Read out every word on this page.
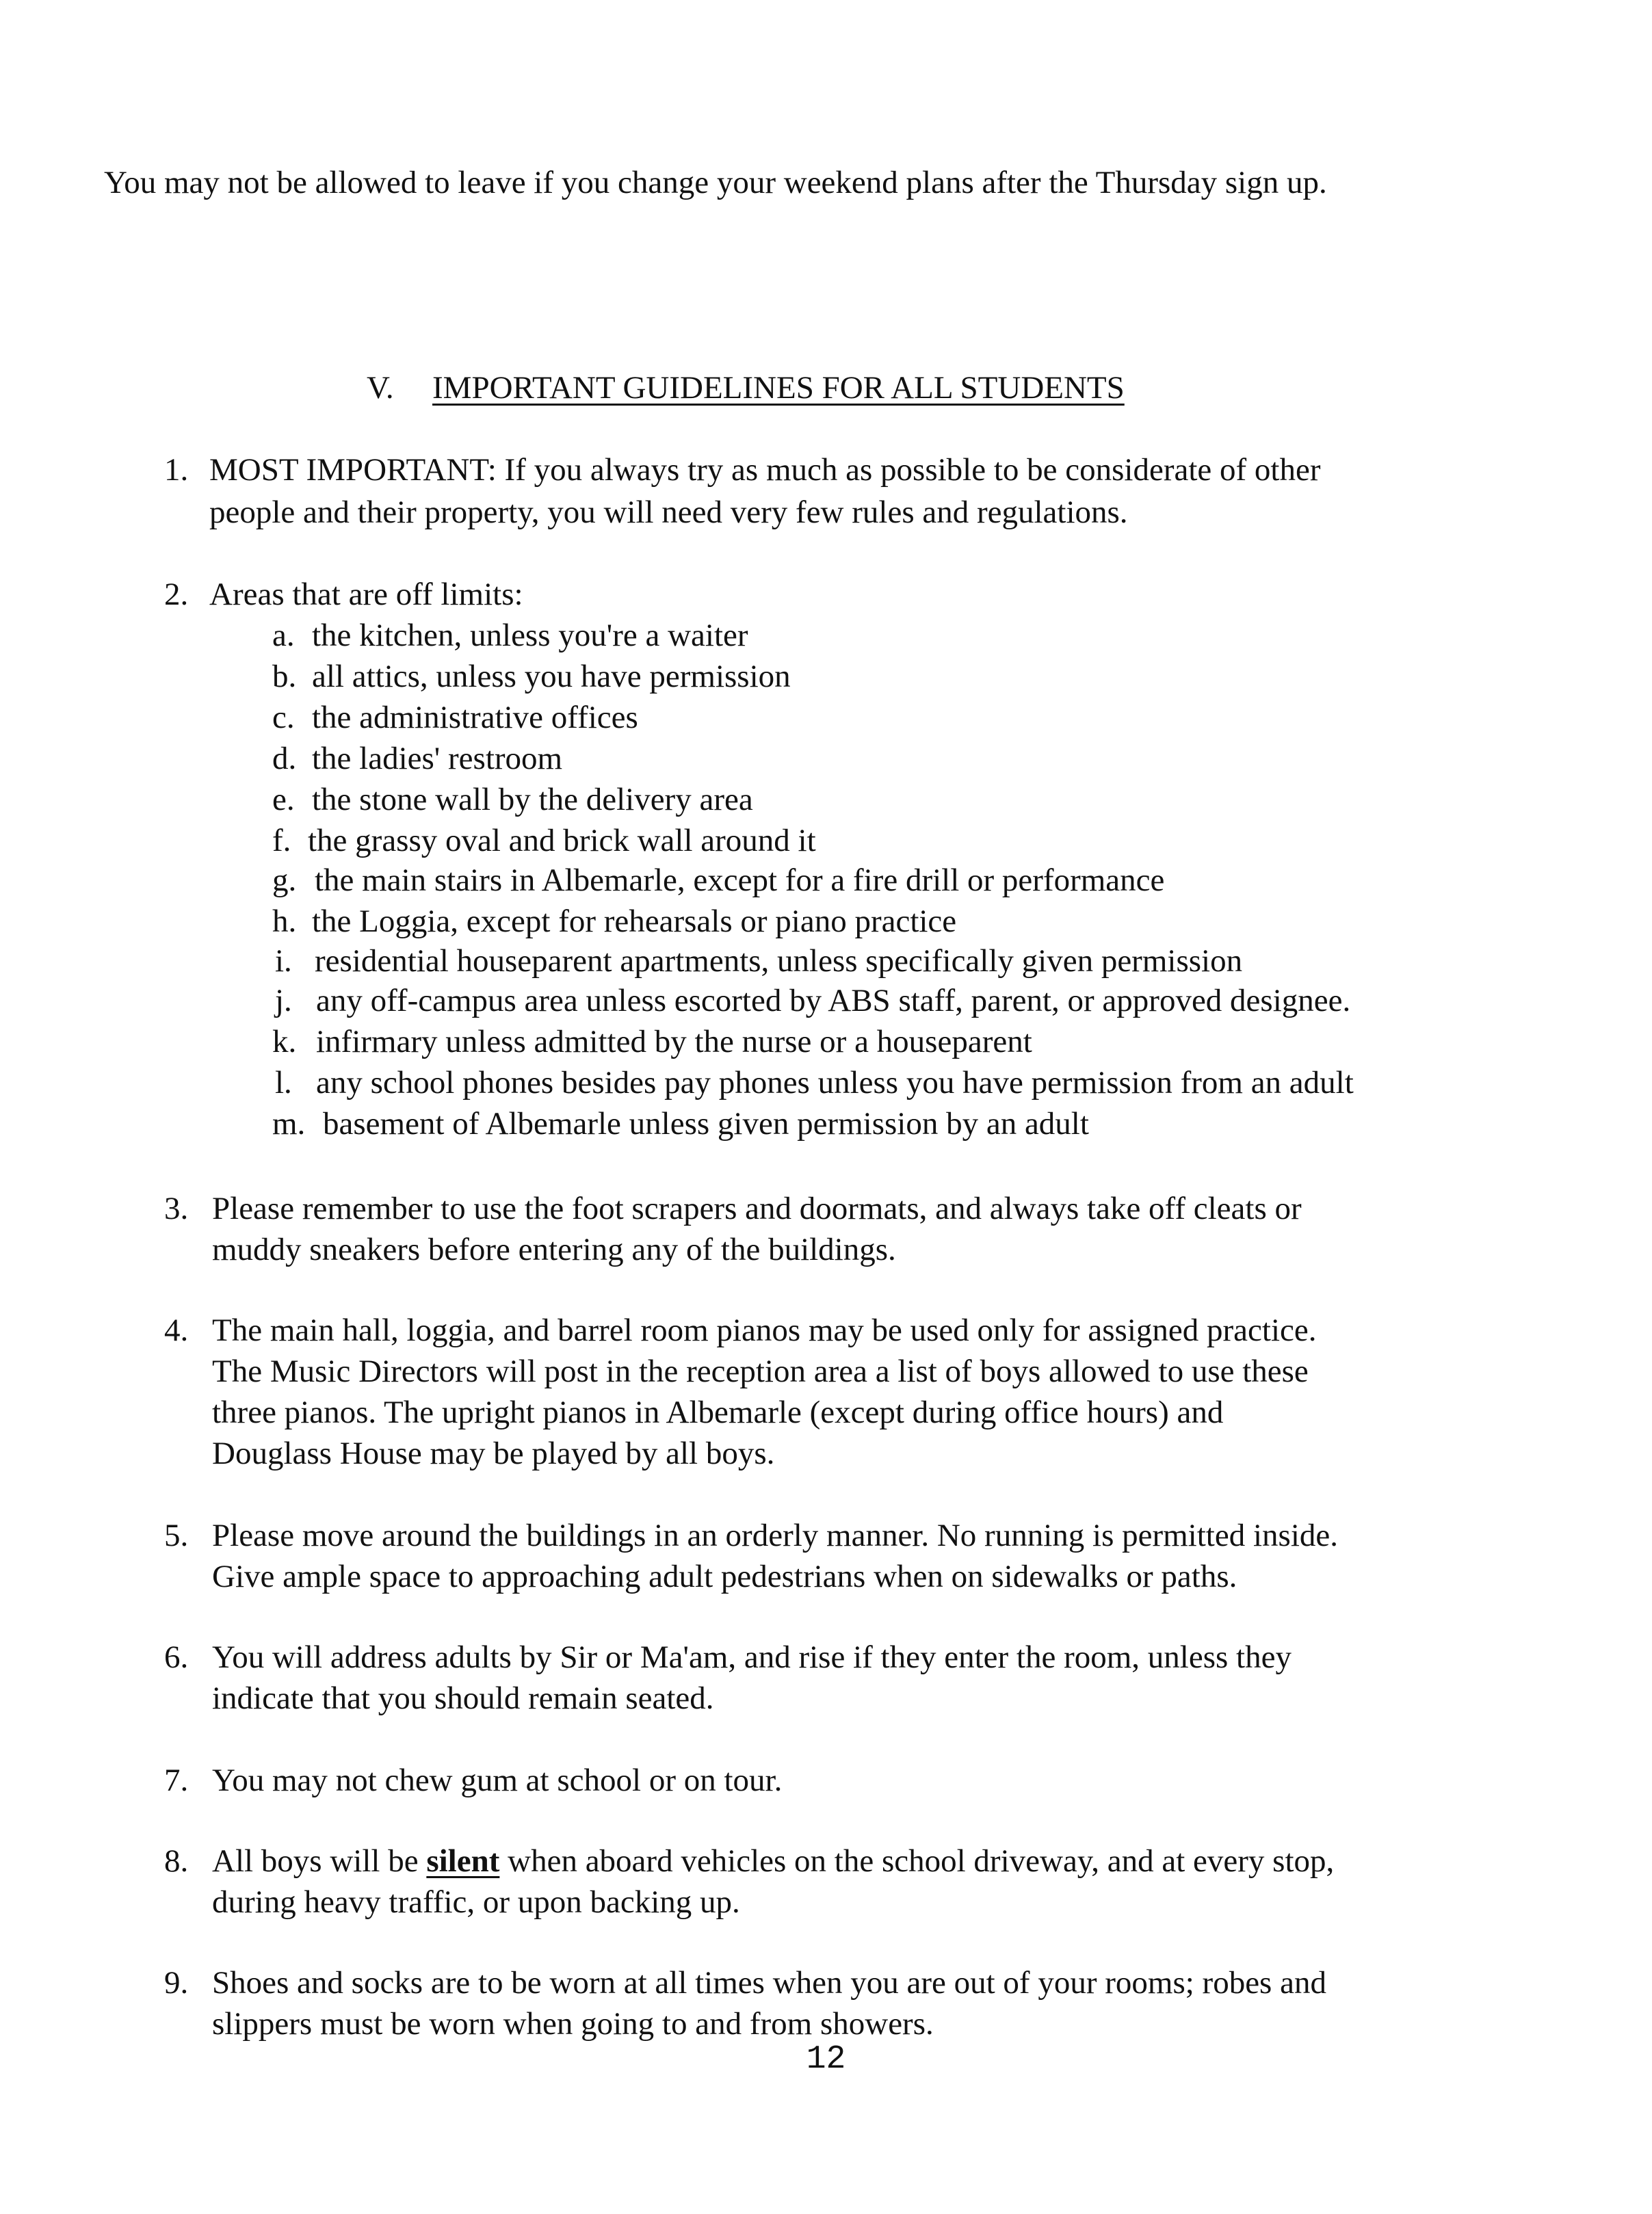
You may not be allowed to leave if you change your weekend plans after the Thursday sign up.
V. IMPORTANT GUIDELINES FOR ALL STUDENTS
1. MOST IMPORTANT: If you always try as much as possible to be considerate of other
people and their property, you will need very few rules and regulations.
2. Areas that are off limits:
a. the kitchen, unless you're a waiter
b. all attics, unless you have permission
c. the administrative offices
d. the ladies' restroom
e. the stone wall by the delivery area
f. the grassy oval and brick wall around it
g. the main stairs in Albemarle, except for a fire drill or performance
h. the Loggia, except for rehearsals or piano practice
i. residential houseparent apartments, unless specifically given permission
j. any off-campus area unless escorted by ABS staff, parent, or approved designee.
k. infirmary unless admitted by the nurse or a houseparent
l. any school phones besides pay phones unless you have permission from an adult
m. basement of Albemarle unless given permission by an adult
3. Please remember to use the foot scrapers and doormats, and always take off cleats or
muddy sneakers before entering any of the buildings.
4. The main hall, loggia, and barrel room pianos may be used only for assigned practice.
The Music Directors will post in the reception area a list of boys allowed to use these
three pianos. The upright pianos in Albemarle (except during office hours) and
Douglass House may be played by all boys.
5. Please move around the buildings in an orderly manner. No running is permitted inside.
Give ample space to approaching adult pedestrians when on sidewalks or paths.
6. You will address adults by Sir or Ma'am, and rise if they enter the room, unless they
indicate that you should remain seated.
7. You may not chew gum at school or on tour.
8. All boys will be silent when aboard vehicles on the school driveway, and at every stop,
during heavy traffic, or upon backing up.
9. Shoes and socks are to be worn at all times when you are out of your rooms; robes and
slippers must be worn when going to and from showers.
12
